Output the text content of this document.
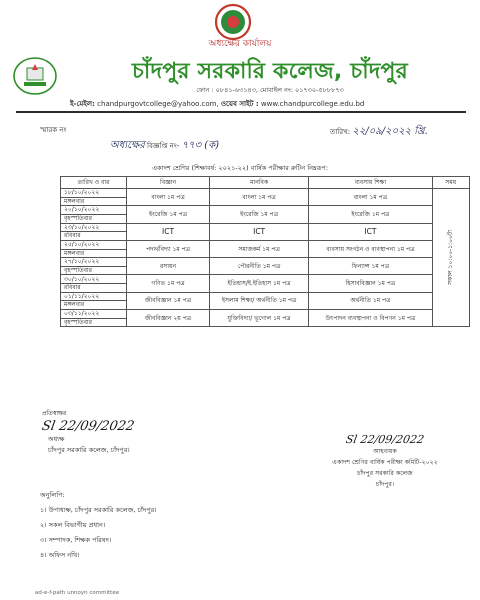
অধ্যক্ষের কার্যালয়
চাঁদপুর সরকারি কলেজ, চাঁদপুর
ফোন : ০৮৪১-৬৩১৪৩, মোবাইল নং: ০১৭৩০-৫৮৮৮৭৩
ই-মেইল: chandpurgovtcollege@yahoo.com, ওয়েব সাইট : www.chandpurcollege.edu.bd
স্মারক নং	তারিখ: ২২/০৯/২০২২ খ্রি.
অধ্যক্ষের বিজ্ঞপ্তি নং- ৭৭৩ (ক)
একাদশ শ্রেণির (শিক্ষাবর্ষ: ২০২১-২২) বার্ষিক পরীক্ষার রুটিন নিম্নরূপ:
তারিখ ও বার	বিজ্ঞান	মানবিক	ব্যবসায় শিক্ষা	সময়

১৮/১০/২০২২
মঙ্গলবার	বাংলা ১ম পত্র	বাংলা ১ম পত্র	বাংলা ১ম পত্র	সকাল ১০:০০-১:০০টা

২০/১০/২০২২
বৃহস্পতিবার	ইংরেজি ১ম পত্র	ইংরেজি ১ম পত্র	ইংরেজি ১ম পত্র	

২৩/১০/২০২২
রবিবার	ICT	ICT	ICT	

২৫/১০/২০২২
মঙ্গলবার	পদার্থবিদ্যা ১ম পত্র	সমাজকর্ম ১ম পত্র	ব্যবসায় সংগঠন ও ব্যবস্থাপনা ১ম পত্র	

২৭/১০/২০২২
বৃহস্পতিবার	রসায়ন	পৌরনীতি ১ম পত্র	ফিন্যান্স ১ম পত্র	

৩০/১০/২০২২
রবিবার	গণিত ১ম পত্র	ইতিহাস/ই.ইতিহাস ১ম পত্র	হিসাববিজ্ঞান ১ম পত্র	

০১/১১/২০২২
মঙ্গলবার	জীববিজ্ঞান ১ম পত্র	ইসলাম শিক্ষা/ অর্থনীতি ১ম পত্র	অর্থনীতি ১ম পত্র	

০৩/১১/২০২২
বৃহস্পতিবার	জীববিজ্ঞান ২য় পত্র	যুক্তিবিদ্যা/ ভূগোল ১ম পত্র	উৎপাদন ব্যবস্থাপনা ও বিপণন ১ম পত্র	
প্রতিস্বাক্ষর
Sl 22/09/2022
অধ্যক্ষ
চাঁদপুর সরকারি কলেজ, চাঁদপুর।
Sl 22/09/2022
আহবায়ক
একাদশ শ্রেণির বার্ষিক পরীক্ষা কমিটি-২০২২
চাঁদপুর সরকারি কলেজ
চাঁদপুর।
অনুলিপি:
১। উপাধ্যক্ষ, চাঁদপুর সরকারি কলেজ, চাঁদপুর।
২। সকল বিভাগীয় প্রধান।
৩। সম্পাদক, শিক্ষক পরিষদ।
৪। অফিস নথি।
ad-e-f-path unnoyn committee
